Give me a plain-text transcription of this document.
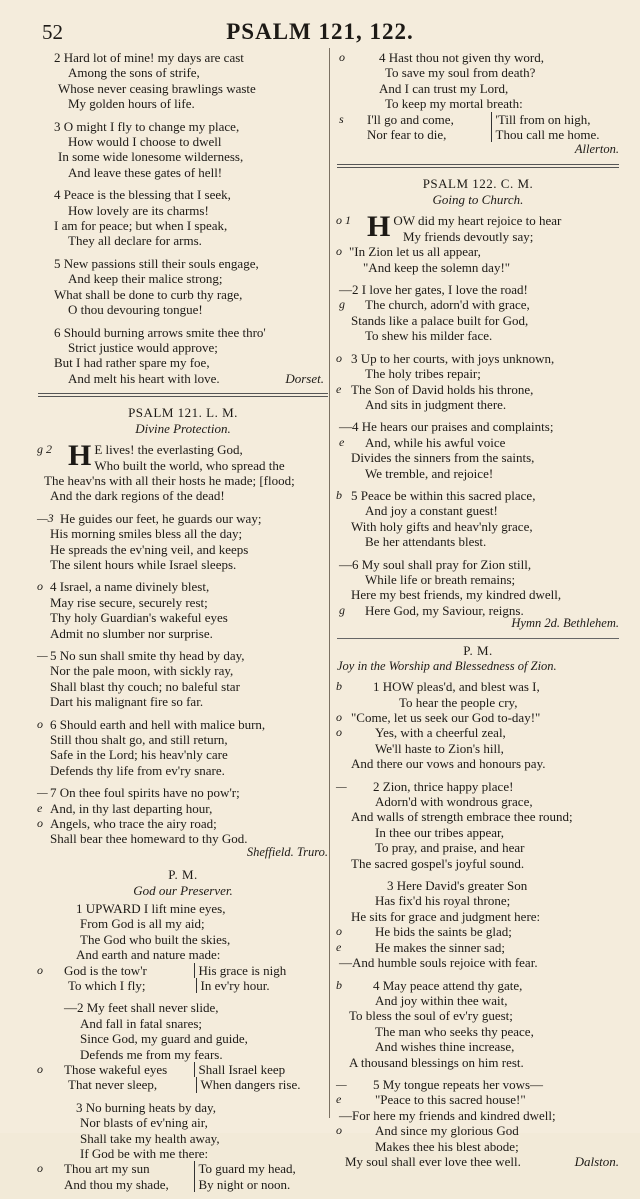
52	PSALM 121, 122.
2 Hard lot of mine! my days are cast
Among the sons of strife,
Whose never ceasing brawlings waste
My golden hours of life.
3 O might I fly to change my place,
How would I choose to dwell
In some wide lonesome wilderness,
And leave these gates of hell!
4 Peace is the blessing that I seek,
How lovely are its charms!
I am for peace; but when I speak,
They all declare for arms.
5 New passions still their souls engage,
And keep their malice strong;
What shall be done to curb thy rage,
O thou devouring tongue!
6 Should burning arrows smite thee thro'
Strict justice would approve;
But I had rather spare my foe,
And melt his heart with love.	Dorset.
PSALM 121. L. M.
Divine Protection.
g 2 H E lives! the everlasting God,
Who built the world, who spread the
The heav'ns with all their hosts he made; [flood;
And the dark regions of the dead!
—3 He guides our feet, he guards our way;
His morning smiles bless all the day;
He spreads the ev'ning veil, and keeps
The silent hours while Israel sleeps.
o 4 Israel, a name divinely blest,
May rise secure, securely rest;
Thy holy Guardian's wakeful eyes
Admit no slumber nor surprise.
— 5 No sun shall smite thy head by day,
Nor the pale moon, with sickly ray,
Shall blast thy couch; no baleful star
Dart his malignant fire so far.
o 6 Should earth and hell with malice burn,
Still thou shalt go, and still return,
Safe in the Lord; his heav'nly care
Defends thy life from ev'ry snare.
— 7 On thee foul spirits have no pow'r;
e And, in thy last departing hour,
o Angels, who trace the airy road;
Shall bear thee homeward to thy God.
Sheffield. Truro.
P. M.
God our Preserver.
1 UPWARD I lift mine eyes,
From God is all my aid;
The God who built the skies,
And earth and nature made:
o God is the tow'r	His grace is nigh
To which I fly;	In ev'ry hour.
—2 My feet shall never slide,
And fall in fatal snares;
Since God, my guard and guide,
Defends me from my fears.
o Those wakeful eyes	Shall Israel keep
That never sleep,	When dangers rise.
3 No burning heats by day,
Nor blasts of ev'ning air,
Shall take my health away,
If God be with me there:
o Thou art my sun	To guard my head,
And thou my shade,	By night or noon.
o	4 Hast thou not given thy word,
To save my soul from death?
And I can trust my Lord,
To keep my mortal breath:
s I'll go and come,	'Till from on high,
Nor fear to die,	Thou call me home.
Allerton.
PSALM 122. C. M.
Going to Church.
o 1 H OW did my heart rejoice to hear
My friends devoutly say;
o "In Zion let us all appear,
"And keep the solemn day!"
—2 I love her gates, I love the road!
g The church, adorn'd with grace,
Stands like a palace built for God,
To shew his milder face.
o 3 Up to her courts, with joys unknown,
The holy tribes repair;
e The Son of David holds his throne,
And sits in judgment there.
—4 He hears our praises and complaints;
e And, while his awful voice
Divides the sinners from the saints,
We tremble, and rejoice!
b 5 Peace be within this sacred place,
And joy a constant guest!
With holy gifts and heav'nly grace,
Be her attendants blest.
—6 My soul shall pray for Zion still,
While life or breath remains;
Here my best friends, my kindred dwell,
g Here God, my Saviour, reigns.
Hymn 2d. Bethlehem.
P. M.
Joy in the Worship and Blessedness of Zion.
b 1 HOW pleas'd, and blest was I,
To hear the people cry,
o "Come, let us seek our God to-day!"
o	Yes, with a cheerful zeal,
We'll haste to Zion's hill,
And there our vows and honours pay.
— 2 Zion, thrice happy place!
Adorn'd with wondrous grace,
And walls of strength embrace thee round;
In thee our tribes appear,
To pray, and praise, and hear
The sacred gospel's joyful sound.
3 Here David's greater Son
Has fix'd his royal throne;
He sits for grace and judgment here:
o	He bids the saints be glad;
e	He makes the sinner sad;
—And humble souls rejoice with fear.
b 4 May peace attend thy gate,
And joy within thee wait,
To bless the soul of ev'ry guest;
The man who seeks thy peace,
And wishes thine increase,
A thousand blessings on him rest.
— 5 My tongue repeats her vows—
e	"Peace to this sacred house!"
—For here my friends and kindred dwell;
o	And since my glorious God
Makes thee his blest abode;
My soul shall ever love thee well.	Dalston.
